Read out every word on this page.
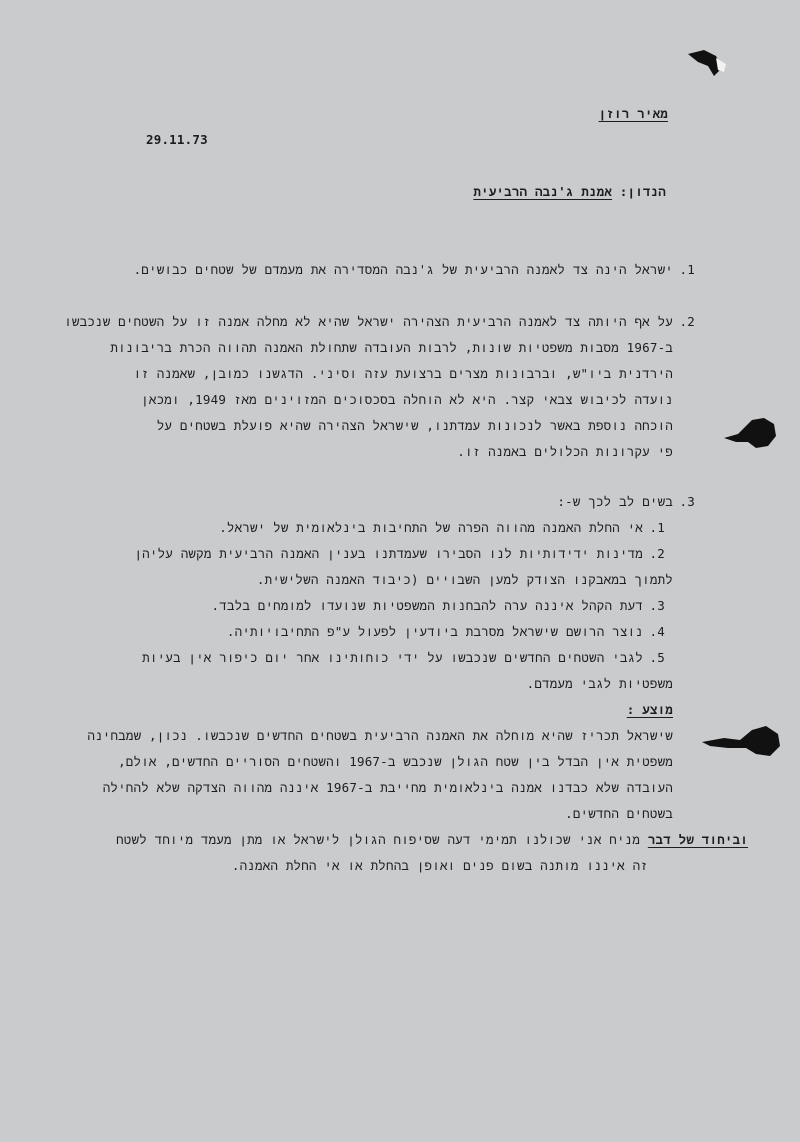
מאיר רוזן
29.11.73
הנדון: אמנת ג'נבה הרביעית
1.
ישראל הינה צד לאמנה הרביעית של ג'נבה המסדירה את מעמדם של שטחים כבושים.
2.
על אף היותה צד לאמנה הרביעית הצהירה ישראל שהיא לא מחלה אמנה זו על השטחים שנכבשו
ב-1967 מסבות משפטיות שונות, לרבות העובדה שתחולת האמנה תהווה הכרת בריבונות
הירדנית ביו"ש, וברבונות מצרים ברצועת עזה וסיני. הדגשנו כמובן, שאמנה זו
נועדה לכיבוש צבאי קצר. היא לא הוחלה בסכסוכים המזוינים מאז 1949, ומכאן
הוכחה נוספת באשר לנכונות עמדתנו, שישראל הצהירה שהיא פועלת בשטחים על
פי עקרונות הכלולים באמנה זו.
3.
בשים לב לכך ש-:
1.
אי החלת האמנה מהווה הפרה של התחיבות בינלאומית של ישראל.
2.
מדינות ידידותיות לנו הסבירו שעמדתנו בענין האמנה הרביעית מקשה עליהן
לתמוך במאבקנו הצודק למען השבויים (כיבוד האמנה השלישית.
3.
דעת הקהל איננה ערה להבחנות המשפטיות שנועדו למומחים בלבד.
4.
נוצר הרושם שישראל מסרבת ביודעין לפעול ע"פ התחיבויותיה.
5.
לגבי השטחים החדשים שנכבשו על ידי כוחותינו אחר יום כיפור אין בעיות
משפטיות לגבי מעמדם.
מוצע :
שישראל תכריז שהיא מוחלה את האמנה הרביעית בשטחים החדשים שנכבשו. נכון, שמבחינה
משפטית אין הבדל בין שטח הגולן שנכבש ב-1967 והשטחים הסוריים החדשים, אולם,
העובדה שלא כבדנו אמנה בינלאומית מחייבת ב-1967 איננה מהווה הצדקה שלא להחילה
בשטחים החדשים.
וביחוד של דבר מניח אני שכולנו תמימי דעה שסיפוח הגולן לישראל או מתן מעמד מיוחד לשטח
זה איננו מותנה בשום פנים ואופן בהחלת או אי החלת האמנה.
